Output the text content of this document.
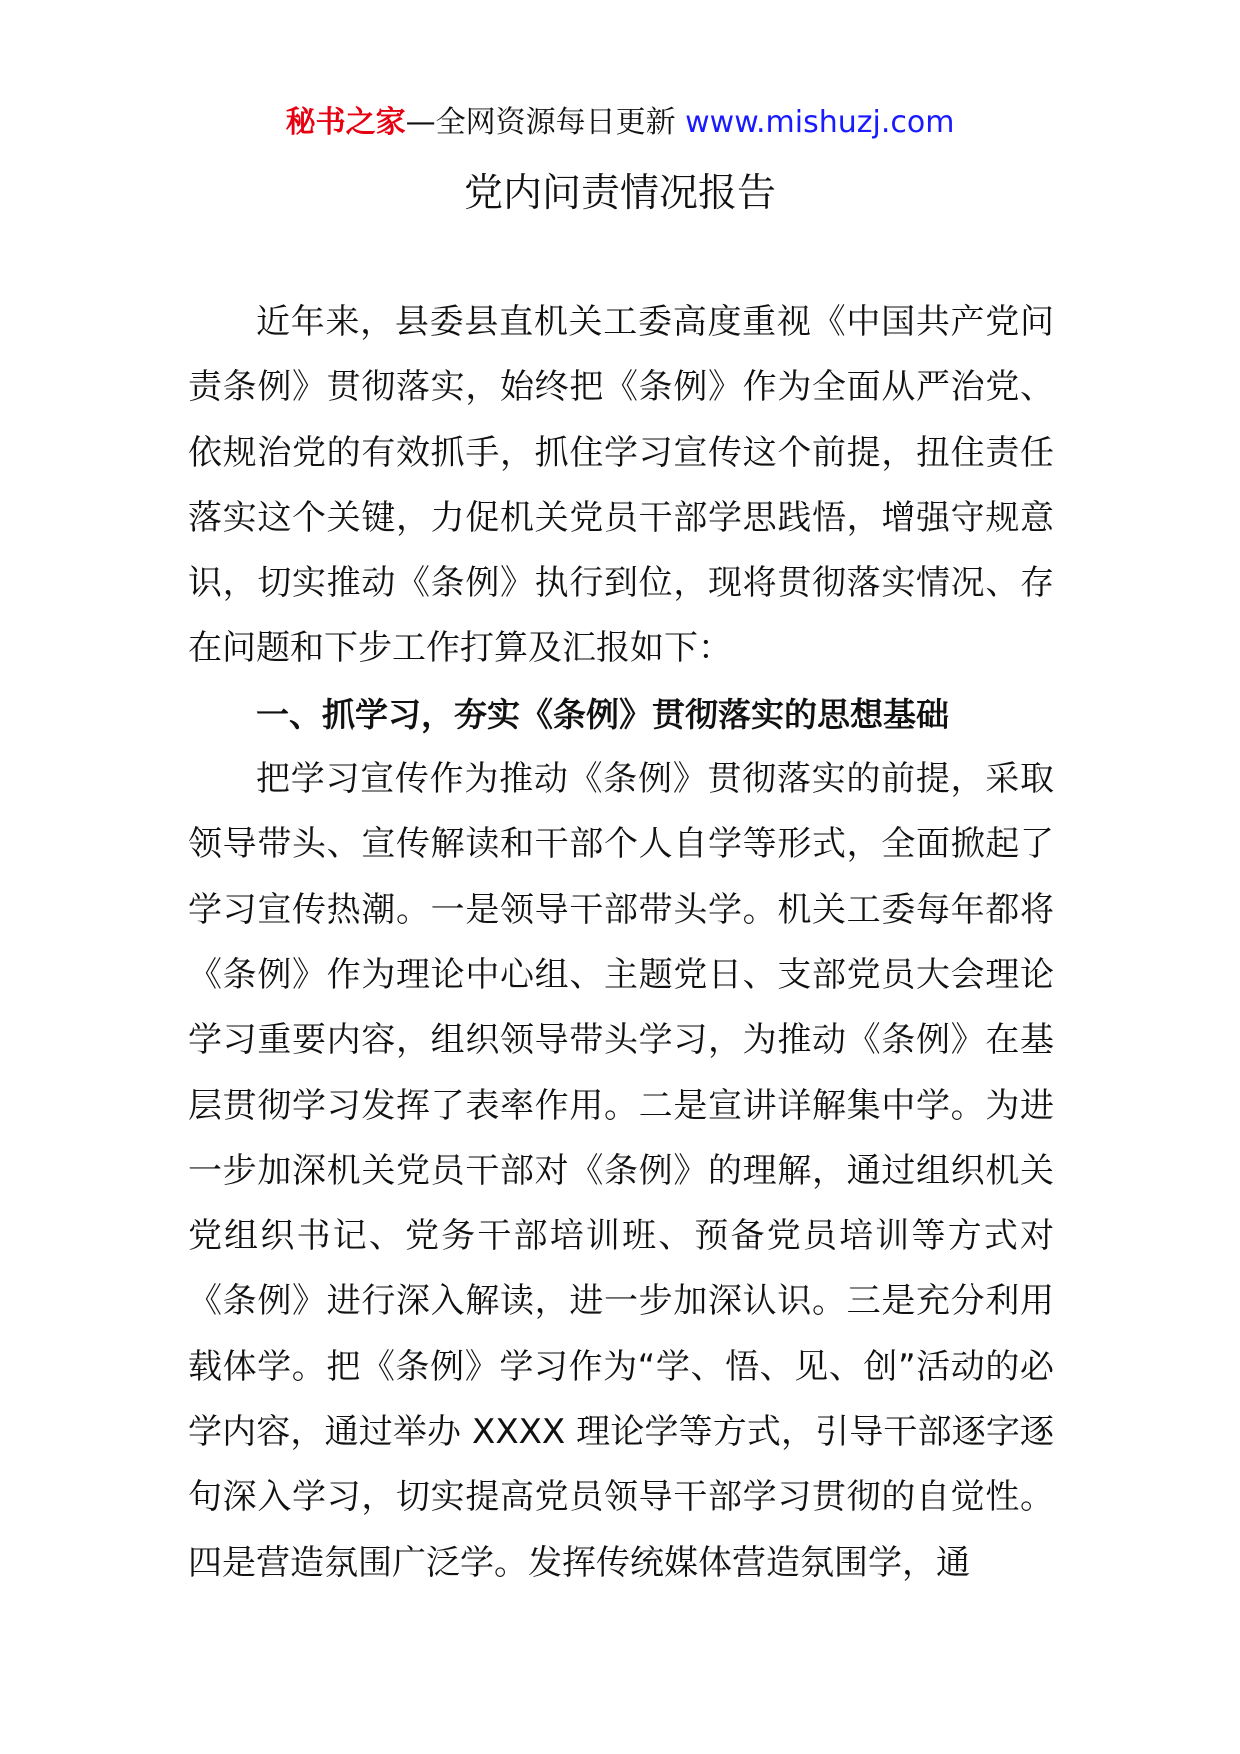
秘书之家—全网资源每日更新 www.mishuzj.com
党内问责情况报告

近年来，县委县直机关工委高度重视《中国共产党问责条例》贯彻落实，始终把《条例》作为全面从严治党、依规治党的有效抓手，抓住学习宣传这个前提，扭住责任落实这个关键，力促机关党员干部学思践悟，增强守规意识，切实推动《条例》执行到位，现将贯彻落实情况、存在问题和下步工作打算及汇报如下：

一、抓学习，夯实《条例》贯彻落实的思想基础

把学习宣传作为推动《条例》贯彻落实的前提，采取领导带头、宣传解读和干部个人自学等形式，全面掀起了学习宣传热潮。一是领导干部带头学。机关工委每年都将《条例》作为理论中心组、主题党日、支部党员大会理论学习重要内容，组织领导带头学习，为推动《条例》在基层贯彻学习发挥了表率作用。二是宣讲详解集中学。为进一步加深机关党员干部对《条例》的理解，通过组织机关党组织书记、党务干部培训班、预备党员培训等方式对《条例》进行深入解读，进一步加深认识。三是充分利用载体学。把《条例》学习作为“学、悟、见、创”活动的必学内容，通过举办 XXXX 理论学等方式，引导干部逐字逐句深入学习，切实提高党员领导干部学习贯彻的自觉性。四是营造氛围广泛学。发挥传统媒体营造氛围学，通
